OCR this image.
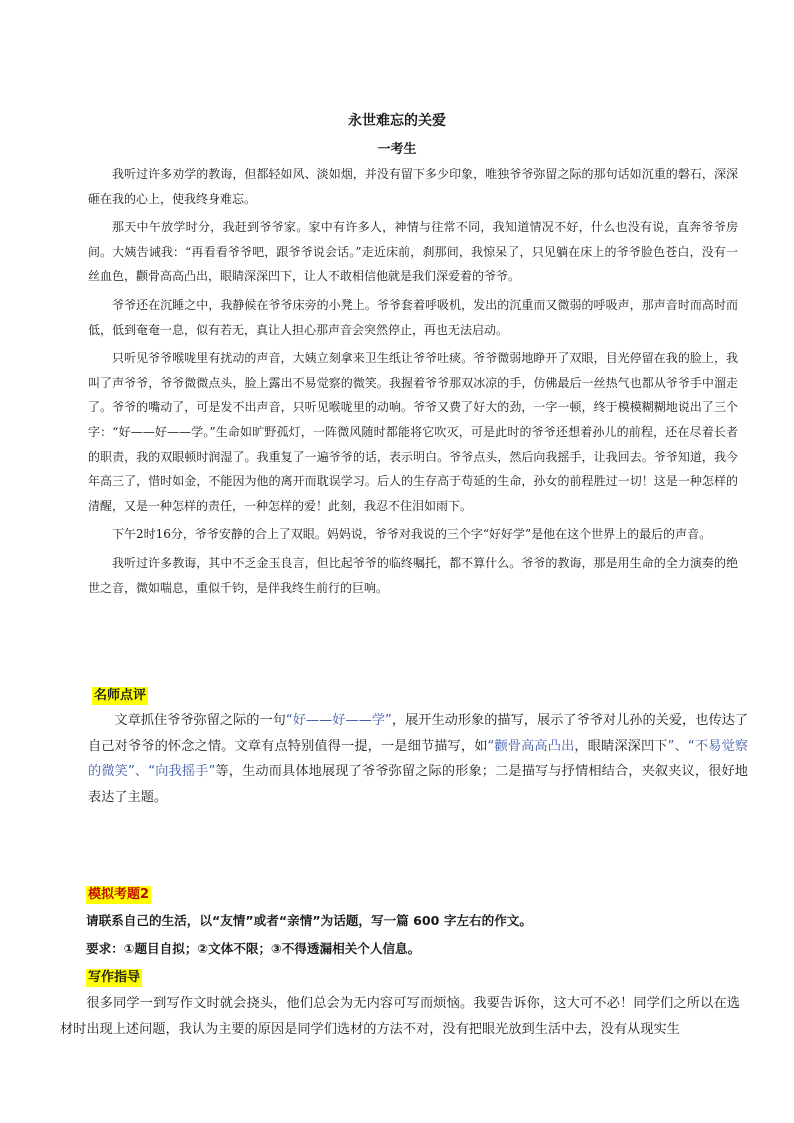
永世难忘的关爱
一考生

我听过许多劝学的教诲，但都轻如风、淡如烟，并没有留下多少印象，唯独爷爷弥留之际的那句话如沉重的磐石，深深砸在我的心上，使我终身难忘。

那天中午放学时分，我赶到爷爷家。家中有许多人，神情与往常不同，我知道情况不好，什么也没有说，直奔爷爷房间。大姨告诫我：“再看看爷爷吧，跟爷爷说会话。”走近床前，刹那间，我惊呆了，只见躺在床上的爷爷脸色苍白，没有一丝血色，颧骨高高凸出，眼睛深深凹下，让人不敢相信他就是我们深爱着的爷爷。

爷爷还在沉睡之中，我静候在爷爷床旁的小凳上。爷爷套着呼吸机，发出的沉重而又微弱的呼吸声，那声音时而高时而低，低到奄奄一息，似有若无，真让人担心那声音会突然停止，再也无法启动。

只听见爷爷喉咙里有扰动的声音，大姨立刻拿来卫生纸让爷爷吐痰。爷爷微弱地睁开了双眼，目光停留在我的脸上，我叫了声爷爷，爷爷微微点头，脸上露出不易觉察的微笑。我握着爷爷那双冰凉的手，仿佛最后一丝热气也都从爷爷手中溜走了。爷爷的嘴动了，可是发不出声音，只听见喉咙里的动响。爷爷又费了好大的劲，一字一顿，终于模模糊糊地说出了三个字：“好——好——学。”生命如旷野孤灯，一阵微风随时都能将它吹灭，可是此时的爷爷还想着孙儿的前程，还在尽着长者的职责，我的双眼顿时润湿了。我重复了一遍爷爷的话，表示明白。爷爷点头，然后向我摇手，让我回去。爷爷知道，我今年高三了，惜时如金，不能因为他的离开而耽误学习。后人的生存高于苟延的生命，孙女的前程胜过一切！这是一种怎样的清醒，又是一种怎样的责任，一种怎样的爱！此刻，我忍不住泪如雨下。

下午2时16分，爷爷安静的合上了双眼。妈妈说，爷爷对我说的三个字“好好学”是他在这个世界上的最后的声音。

我听过许多教诲，其中不乏金玉良言，但比起爷爷的临终嘱托，都不算什么。爷爷的教诲，那是用生命的全力演奏的绝世之音，微如喘息，重似千钧，是伴我终生前行的巨响。

名师点评

文章抓住爷爷弥留之际的一句“好——好——学”，展开生动形象的描写，展示了爷爷对儿孙的关爱，也传达了自己对爷爷的怀念之情。文章有点特别值得一提，一是细节描写，如“颧骨高高凸出，眼睛深深凹下”、“不易觉察的微笑”、“向我摇手”等，生动而具体地展现了爷爷弥留之际的形象；二是描写与抒情相结合，夹叙夹议，很好地表达了主题。

模拟考题2

请联系自己的生活，以“友情”或者“亲情”为话题，写一篇 600 字左右的作文。

要求：①题目自拟；②文体不限；③不得透漏相关个人信息。

写作指导

很多同学一到写作文时就会挠头，他们总会为无内容可写而烦恼。我要告诉你，这大可不必！同学们之所以在选材时出现上述问题，我认为主要的原因是同学们选材的方法不对，没有把眼光放到生活中去，没有从现实生
